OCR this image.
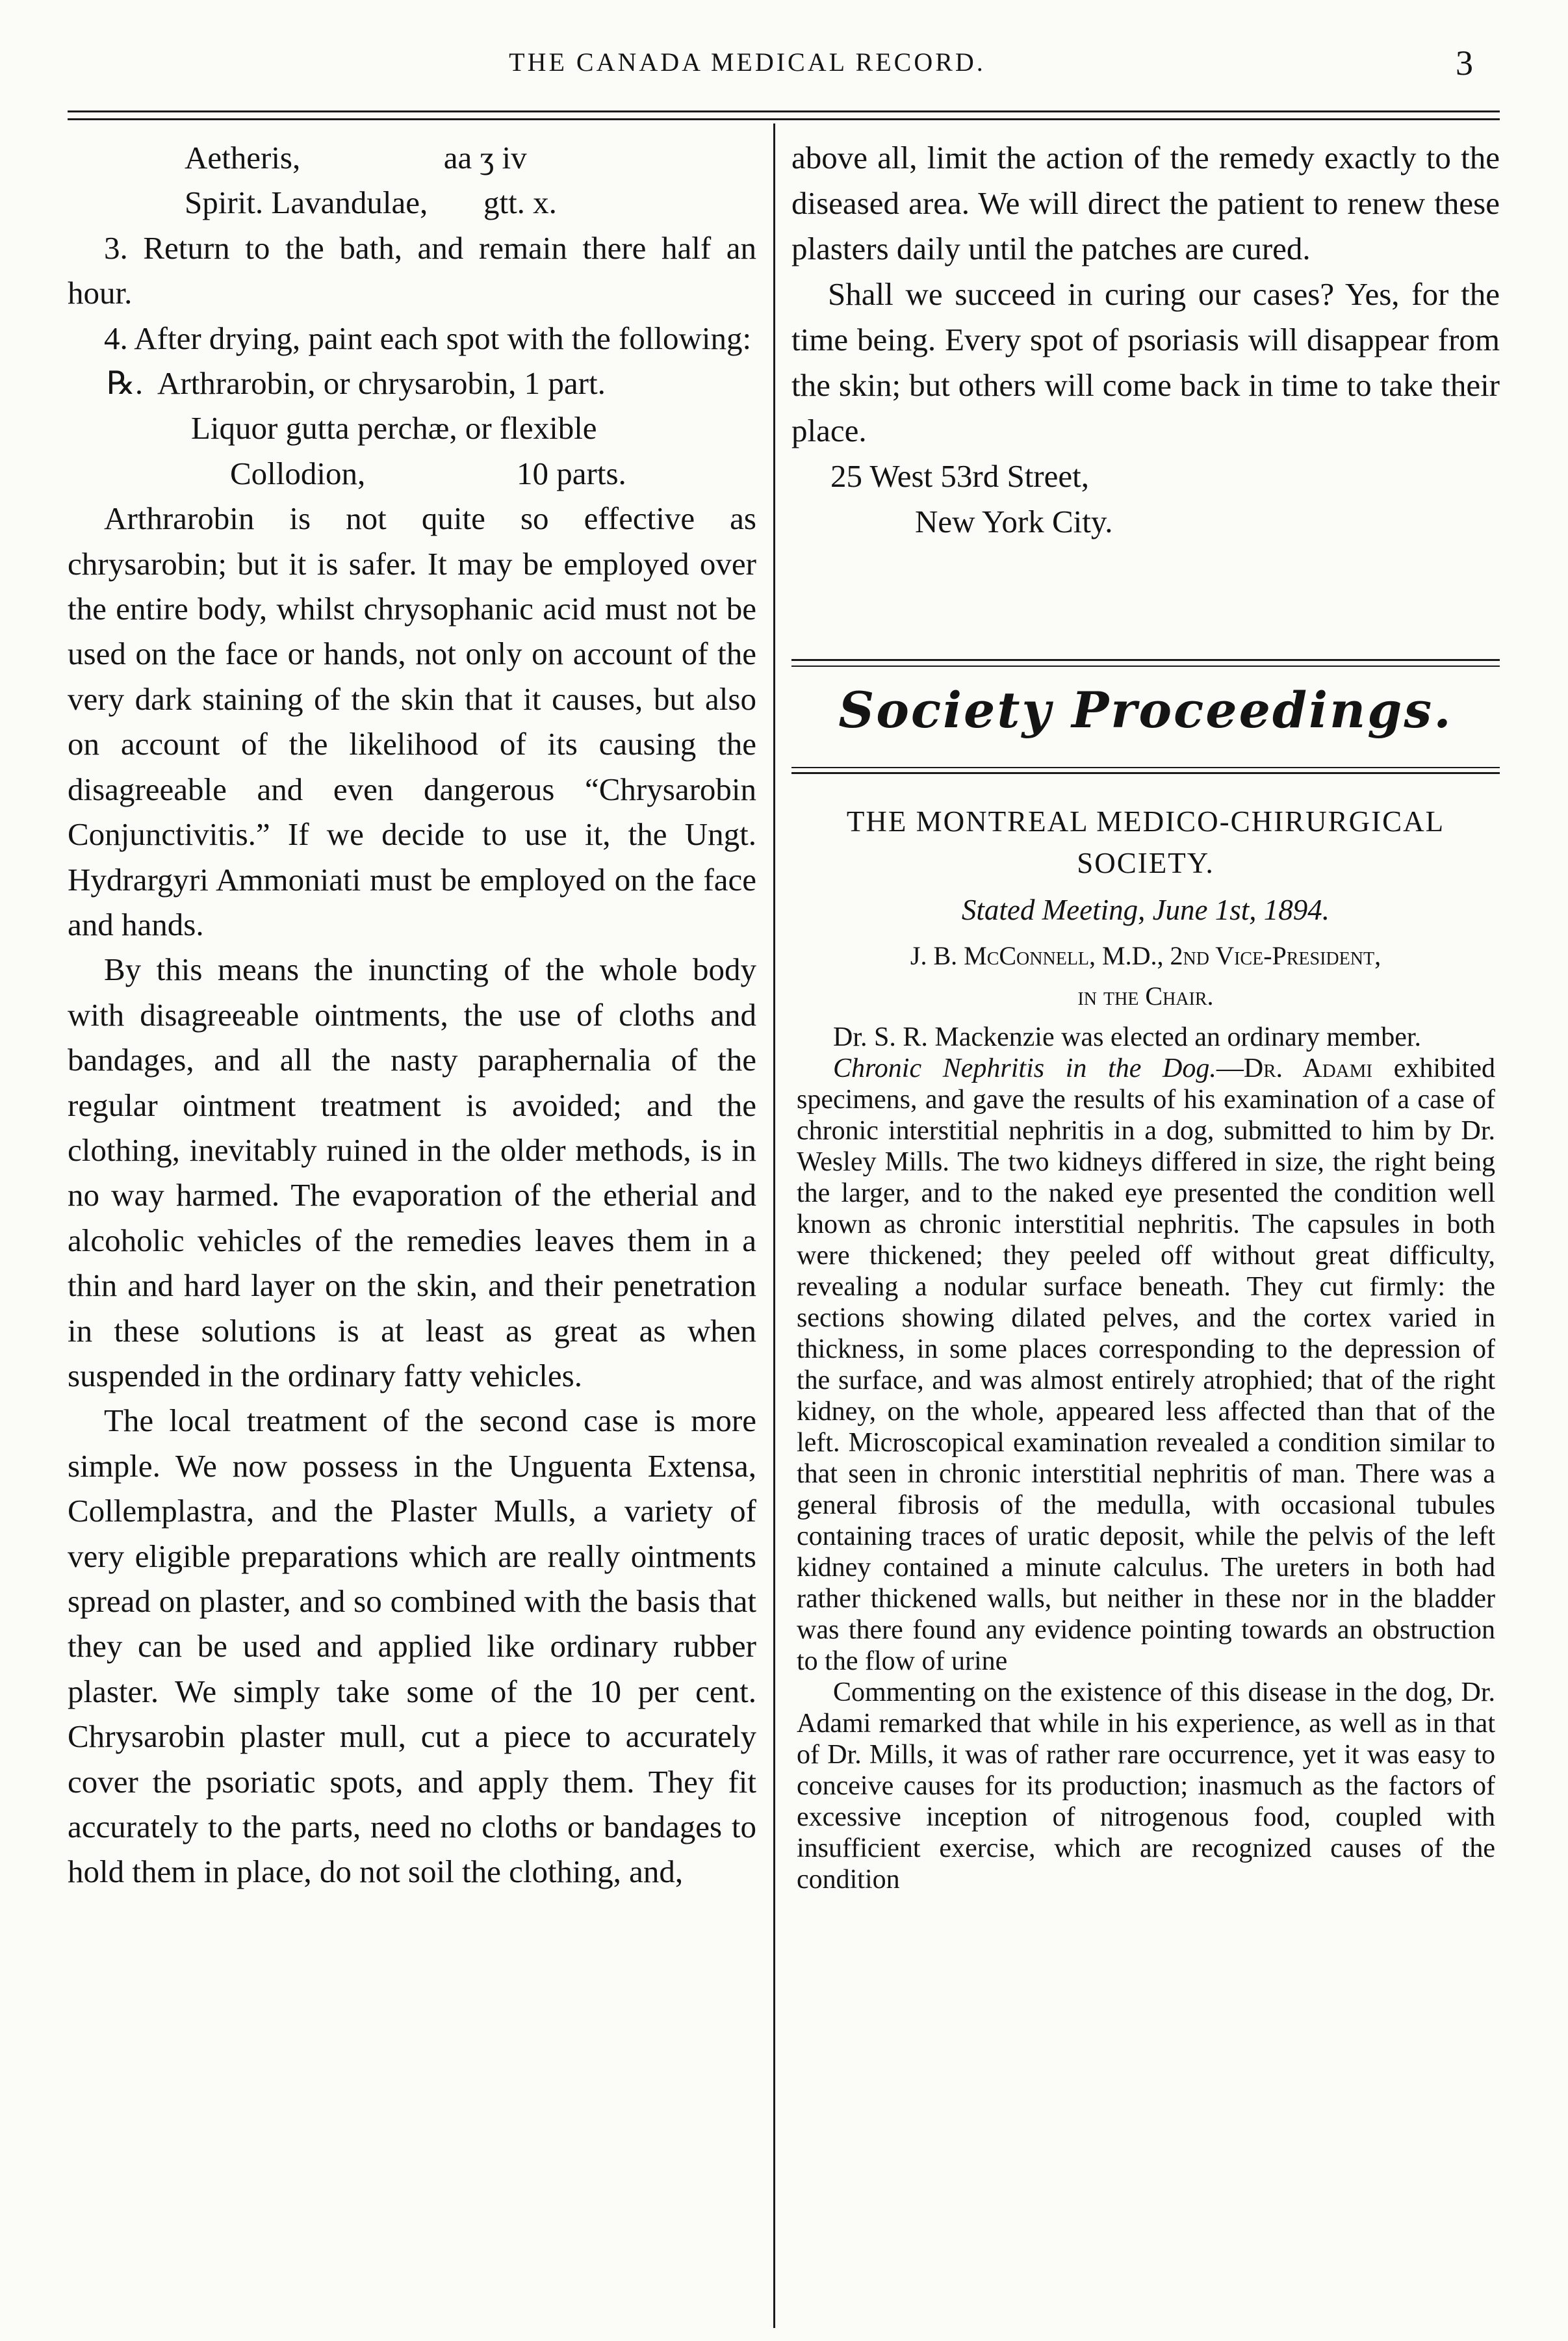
THE CANADA MEDICAL RECORD.	3

Aetheris,                  aa ʒ iv

Spirit. Lavandulae,       gtt. x.

3. Return to the bath, and remain there half an hour.

4. After drying, paint each spot with the following:

℞.  Arthrarobin, or chrysarobin, 1 part.

Liquor gutta perchæ, or flexible

Collodion,                   10 parts.

Arthrarobin is not quite so effective as chrysarobin; but it is safer. It may be employed over the entire body, whilst chrysophanic acid must not be used on the face or hands, not only on account of the very dark staining of the skin that it causes, but also on account of the likelihood of its causing the disagreeable and even dangerous “Chrysarobin Conjunctivitis.” If we decide to use it, the Ungt. Hydrargyri Ammoniati must be employed on the face and hands.

By this means the inuncting of the whole body with disagreeable ointments, the use of cloths and bandages, and all the nasty paraphernalia of the regular ointment treatment is avoided; and the clothing, inevitably ruined in the older methods, is in no way harmed. The evaporation of the etherial and alcoholic vehicles of the remedies leaves them in a thin and hard layer on the skin, and their penetration in these solutions is at least as great as when suspended in the ordinary fatty vehicles.

The local treatment of the second case is more simple. We now possess in the Unguenta Extensa, Collemplastra, and the Plaster Mulls, a variety of very eligible preparations which are really ointments spread on plaster, and so combined with the basis that they can be used and applied like ordinary rubber plaster. We simply take some of the 10 per cent. Chrysarobin plaster mull, cut a piece to accurately cover the psoriatic spots, and apply them. They fit accurately to the parts, need no cloths or bandages to hold them in place, do not soil the clothing, and,

above all, limit the action of the remedy exactly to the diseased area. We will direct the patient to renew these plasters daily until the patches are cured.

Shall we succeed in curing our cases? Yes, for the time being. Every spot of psoriasis will disappear from the skin; but others will come back in time to take their place.

25 West 53rd Street,

New York City.

Society Proceedings.
THE MONTREAL MEDICO-CHIRURGICAL SOCIETY.
Stated Meeting, June 1st, 1894.
J. B. McConnell, M.D., 2nd Vice-President,
in the Chair.

Dr. S. R. Mackenzie was elected an ordinary member.

Chronic Nephritis in the Dog.—Dr. Adami exhibited specimens, and gave the results of his examination of a case of chronic interstitial nephritis in a dog, submitted to him by Dr. Wesley Mills. The two kidneys differed in size, the right being the larger, and to the naked eye presented the condition well known as chronic interstitial nephritis. The capsules in both were thickened; they peeled off without great difficulty, revealing a nodular surface beneath. They cut firmly: the sections showing dilated pelves, and the cortex varied in thickness, in some places corresponding to the depression of the surface, and was almost entirely atrophied; that of the right kidney, on the whole, appeared less affected than that of the left. Microscopical examination revealed a condition similar to that seen in chronic interstitial nephritis of man. There was a general fibrosis of the medulla, with occasional tubules containing traces of uratic deposit, while the pelvis of the left kidney contained a minute calculus. The ureters in both had rather thickened walls, but neither in these nor in the bladder was there found any evidence pointing towards an obstruction to the flow of urine

Commenting on the existence of this disease in the dog, Dr. Adami remarked that while in his experience, as well as in that of Dr. Mills, it was of rather rare occurrence, yet it was easy to conceive causes for its production; inasmuch as the factors of excessive inception of nitrogenous food, coupled with insufficient exercise, which are recognized causes of the condition
